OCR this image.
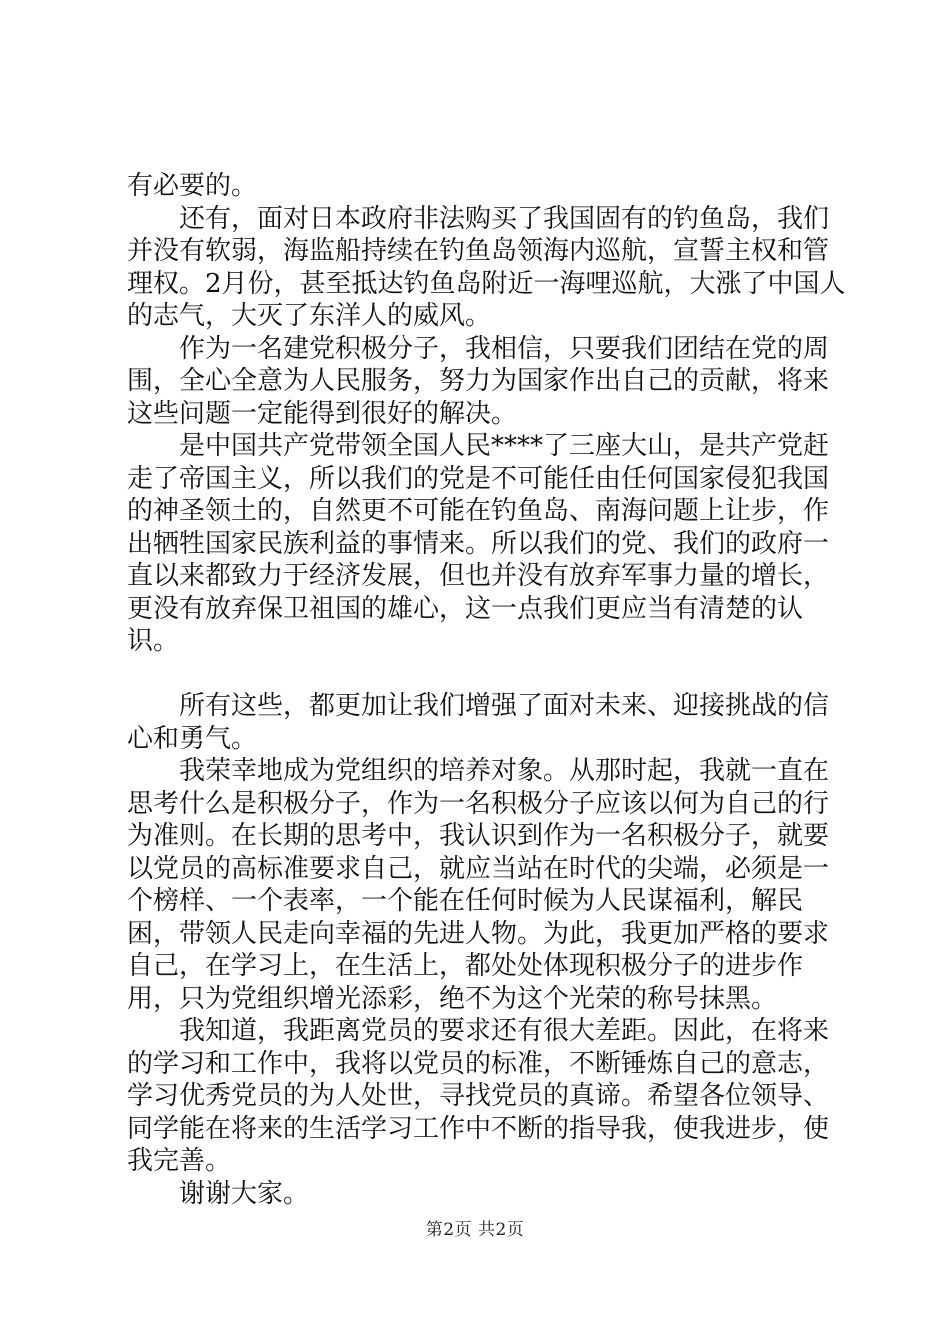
有必要的。

还有，面对日本政府非法购买了我国固有的钓鱼岛，我们并没有软弱，海监船持续在钓鱼岛领海内巡航，宣誓主权和管理权。2月份，甚至抵达钓鱼岛附近一海哩巡航，大涨了中国人的志气，大灭了东洋人的威风。

作为一名建党积极分子，我相信，只要我们团结在党的周围，全心全意为人民服务，努力为国家作出自己的贡献，将来这些问题一定能得到很好的解决。

是中国共产党带领全国人民****了三座大山，是共产党赶走了帝国主义，所以我们的党是不可能任由任何国家侵犯我国的神圣领土的，自然更不可能在钓鱼岛、南海问题上让步，作出牺牲国家民族利益的事情来。所以我们的党、我们的政府一直以来都致力于经济发展，但也并没有放弃军事力量的增长，更没有放弃保卫祖国的雄心，这一点我们更应当有清楚的认识。

所有这些，都更加让我们增强了面对未来、迎接挑战的信心和勇气。

我荣幸地成为党组织的培养对象。从那时起，我就一直在思考什么是积极分子，作为一名积极分子应该以何为自己的行为准则。在长期的思考中，我认识到作为一名积极分子，就要以党员的高标准要求自己，就应当站在时代的尖端，必须是一个榜样、一个表率，一个能在任何时候为人民谋福利，解民困，带领人民走向幸福的先进人物。为此，我更加严格的要求自己，在学习上，在生活上，都处处体现积极分子的进步作用，只为党组织增光添彩，绝不为这个光荣的称号抹黑。

我知道，我距离党员的要求还有很大差距。因此，在将来的学习和工作中，我将以党员的标准，不断锤炼自己的意志，学习优秀党员的为人处世，寻找党员的真谛。希望各位领导、同学能在将来的生活学习工作中不断的指导我，使我进步，使我完善。

谢谢大家。

第2页 共2页
